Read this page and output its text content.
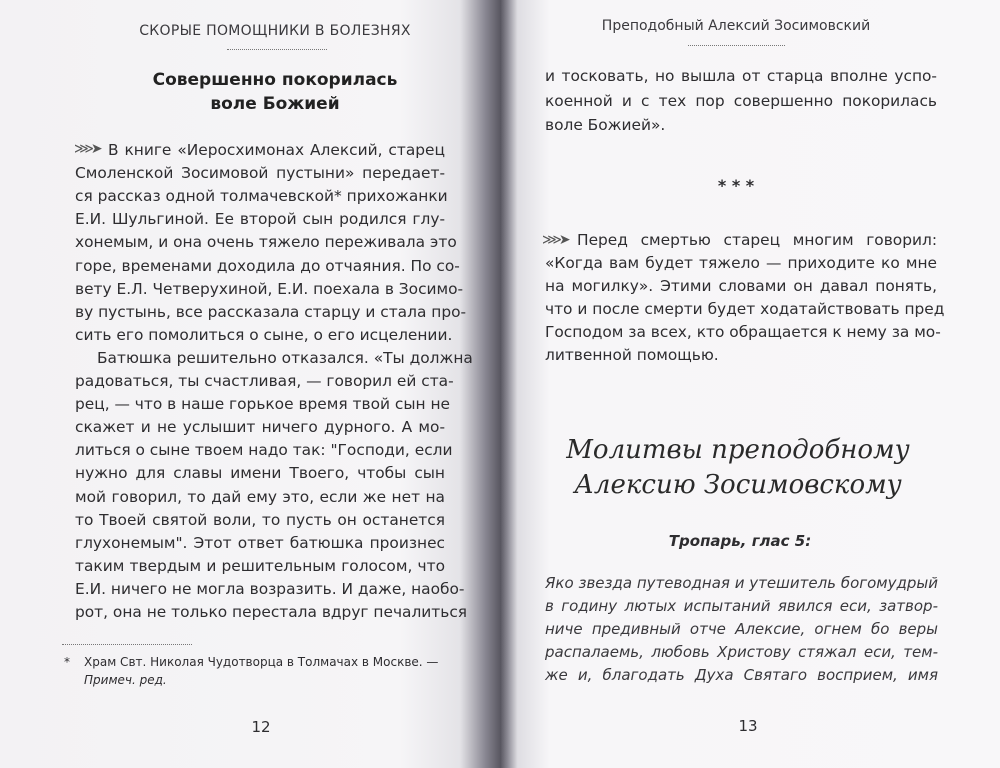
СКОРЫЕ ПОМОЩНИКИ В БОЛЕЗНЯХ
Совершенно покорилась
воле Божией
⋙➤ В книге «Иеросхимонах Алексий, старец
Смоленской Зосимовой пустыни» передает-
ся рассказ одной толмачевской* прихожанки
Е.И. Шульгиной. Ее второй сын родился глу-
хонемым, и она очень тяжело переживала это
горе, временами доходила до отчаяния. По со-
вету Е.Л. Четверухиной, Е.И. поехала в Зосимо-
ву пустынь, все рассказала старцу и стала про-
сить его помолиться о сыне, о его исцелении.
Батюшка решительно отказался. «Ты должна
радоваться, ты счастливая, — говорил ей ста-
рец, — что в наше горькое время твой сын не
скажет и не услышит ничего дурного. А мо-
литься о сыне твоем надо так: "Господи, если
нужно для славы имени Твоего, чтобы сын
мой говорил, то дай ему это, если же нет на
то Твоей святой воли, то пусть он останется
глухонемым". Этот ответ батюшка произнес
таким твердым и решительным голосом, что
Е.И. ничего не могла возразить. И даже, наобо-
рот, она не только перестала вдруг печалиться
* Храм Свт. Николая Чудотворца в Толмачах в Москве. —
Примеч. ред.
12
Преподобный Алексий Зосимовский
и тосковать, но вышла от старца вполне успо-
коенной и с тех пор совершенно покорилась
воле Божией».
* * *
⋙➤ Перед смертью старец многим говорил:
«Когда вам будет тяжело — приходите ко мне
на могилку». Этими словами он давал понять,
что и после смерти будет ходатайствовать пред
Господом за всех, кто обращается к нему за мо-
литвенной помощью.
Молитвы преподобному
Алексию Зосимовскому
Тропарь, глас 5:
Яко звезда путеводная и утешитель богомудрый
в годину лютых испытаний явился еси, затвор-
ниче предивный отче Алексие, огнем бо веры
распалаемь, любовь Христову стяжал еси, тем-
же и, благодать Духа Святаго восприем, имя
13
